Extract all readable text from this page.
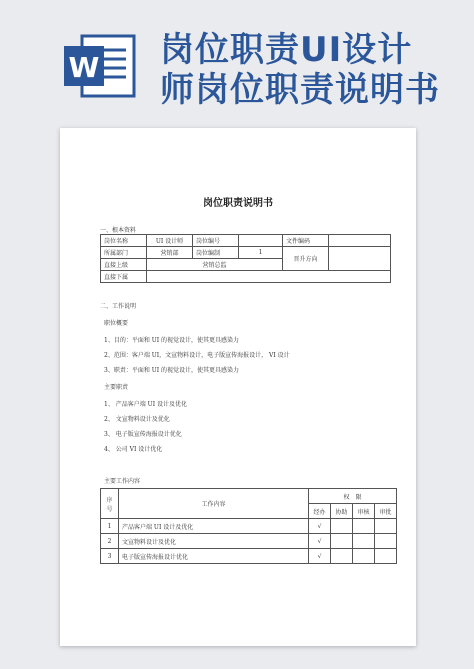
W 岗位职责UI设计
师岗位职责说明书
岗位职责说明书
一、根本资料
岗位名称	UI 设计师	岗位编号		文件编码	
所属部门	营销部	岗位编制	1	晋升方向	
直接上级	营销总监				
直接下属					
二、工作说明
职位概要
1、目的：平面和 UI 的视觉设计，使其更具感染力
2、范围：客户端 UI，文宣物料设计，电子版宣传海报设计， VI 设计
3、职责：平面和 UI 的视觉设计，使其更具感染力
主要职责
1、 产品客户端 UI 设计及优化
2、 文宣物料设计及优化
3、 电子版宣传海报设计优化
4、 公司 VI 设计优化
主要工作内容
序号	工作内容	权　限			
		经办	协助	审核	审批
1	产品客户端 UI 设计及优化	√			
2	文宣物料设计及优化	√			
3	电子版宣传海报设计优化	√			
